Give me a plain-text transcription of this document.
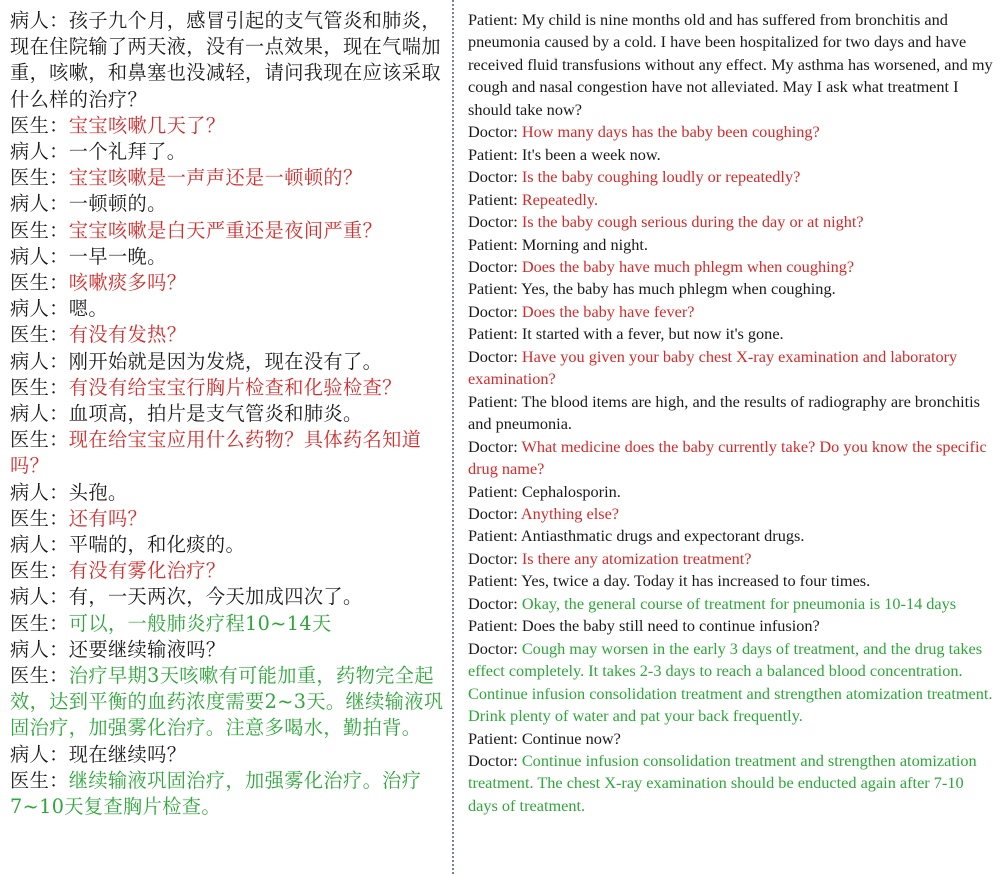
病人：孩子九个月，感冒引起的支气管炎和肺炎，现在住院输了两天液，没有一点效果，现在气喘加重，咳嗽，和鼻塞也没减轻，请问我现在应该采取什么样的治疗？

医生：宝宝咳嗽几天了？

病人：一个礼拜了。

医生：宝宝咳嗽是一声声还是一顿顿的？

病人：一顿顿的。

医生：宝宝咳嗽是白天严重还是夜间严重？

病人：一早一晚。

医生：咳嗽痰多吗？

病人：嗯。

医生：有没有发热？

病人：刚开始就是因为发烧，现在没有了。

医生：有没有给宝宝行胸片检查和化验检查？

病人：血项高，拍片是支气管炎和肺炎。

医生：现在给宝宝应用什么药物？具体药名知道吗？

病人：头孢。

医生：还有吗？

病人：平喘的，和化痰的。

医生：有没有雾化治疗？

病人：有，一天两次，今天加成四次了。

医生：可以，一般肺炎疗程10~14天

病人：还要继续输液吗？

医生：治疗早期3天咳嗽有可能加重，药物完全起效，达到平衡的血药浓度需要2~3天。继续输液巩固治疗，加强雾化治疗。注意多喝水，勤拍背。

病人：现在继续吗？

医生：继续输液巩固治疗，加强雾化治疗。治疗7~10天复查胸片检查。

Patient: My child is nine months old and has suffered from bronchitis and pneumonia caused by a cold. I have been hospitalized for two days and have received fluid transfusions without any effect. My asthma has worsened, and my cough and nasal congestion have not alleviated. May I ask what treatment I should take now?

Doctor: How many days has the baby been coughing?

Patient: It's been a week now.

Doctor: Is the baby coughing loudly or repeatedly?

Patient: Repeatedly.

Doctor: Is the baby cough serious during the day or at night?

Patient: Morning and night.

Doctor: Does the baby have much phlegm when coughing?

Patient: Yes, the baby has much phlegm when coughing.

Doctor: Does the baby have fever?

Patient: It started with a fever, but now it's gone.

Doctor: Have you given your baby chest X-ray examination and laboratory examination?

Patient: The blood items are high, and the results of radiography are bronchitis and pneumonia.

Doctor: What medicine does the baby currently take? Do you know the specific drug name?

Patient: Cephalosporin.

Doctor: Anything else?

Patient: Antiasthmatic drugs and expectorant drugs.

Doctor: Is there any atomization treatment?

Patient: Yes, twice a day. Today it has increased to four times.

Doctor: Okay, the general course of treatment for pneumonia is 10-14 days

Patient: Does the baby still need to continue infusion?

Doctor: Cough may worsen in the early 3 days of treatment, and the drug takes effect completely. It takes 2-3 days to reach a balanced blood concentration. Continue infusion consolidation treatment and strengthen atomization treatment. Drink plenty of water and pat your back frequently.

Patient: Continue now?

Doctor: Continue infusion consolidation treatment and strengthen atomization treatment. The chest X-ray examination should be enducted again after 7-10 days of treatment.
